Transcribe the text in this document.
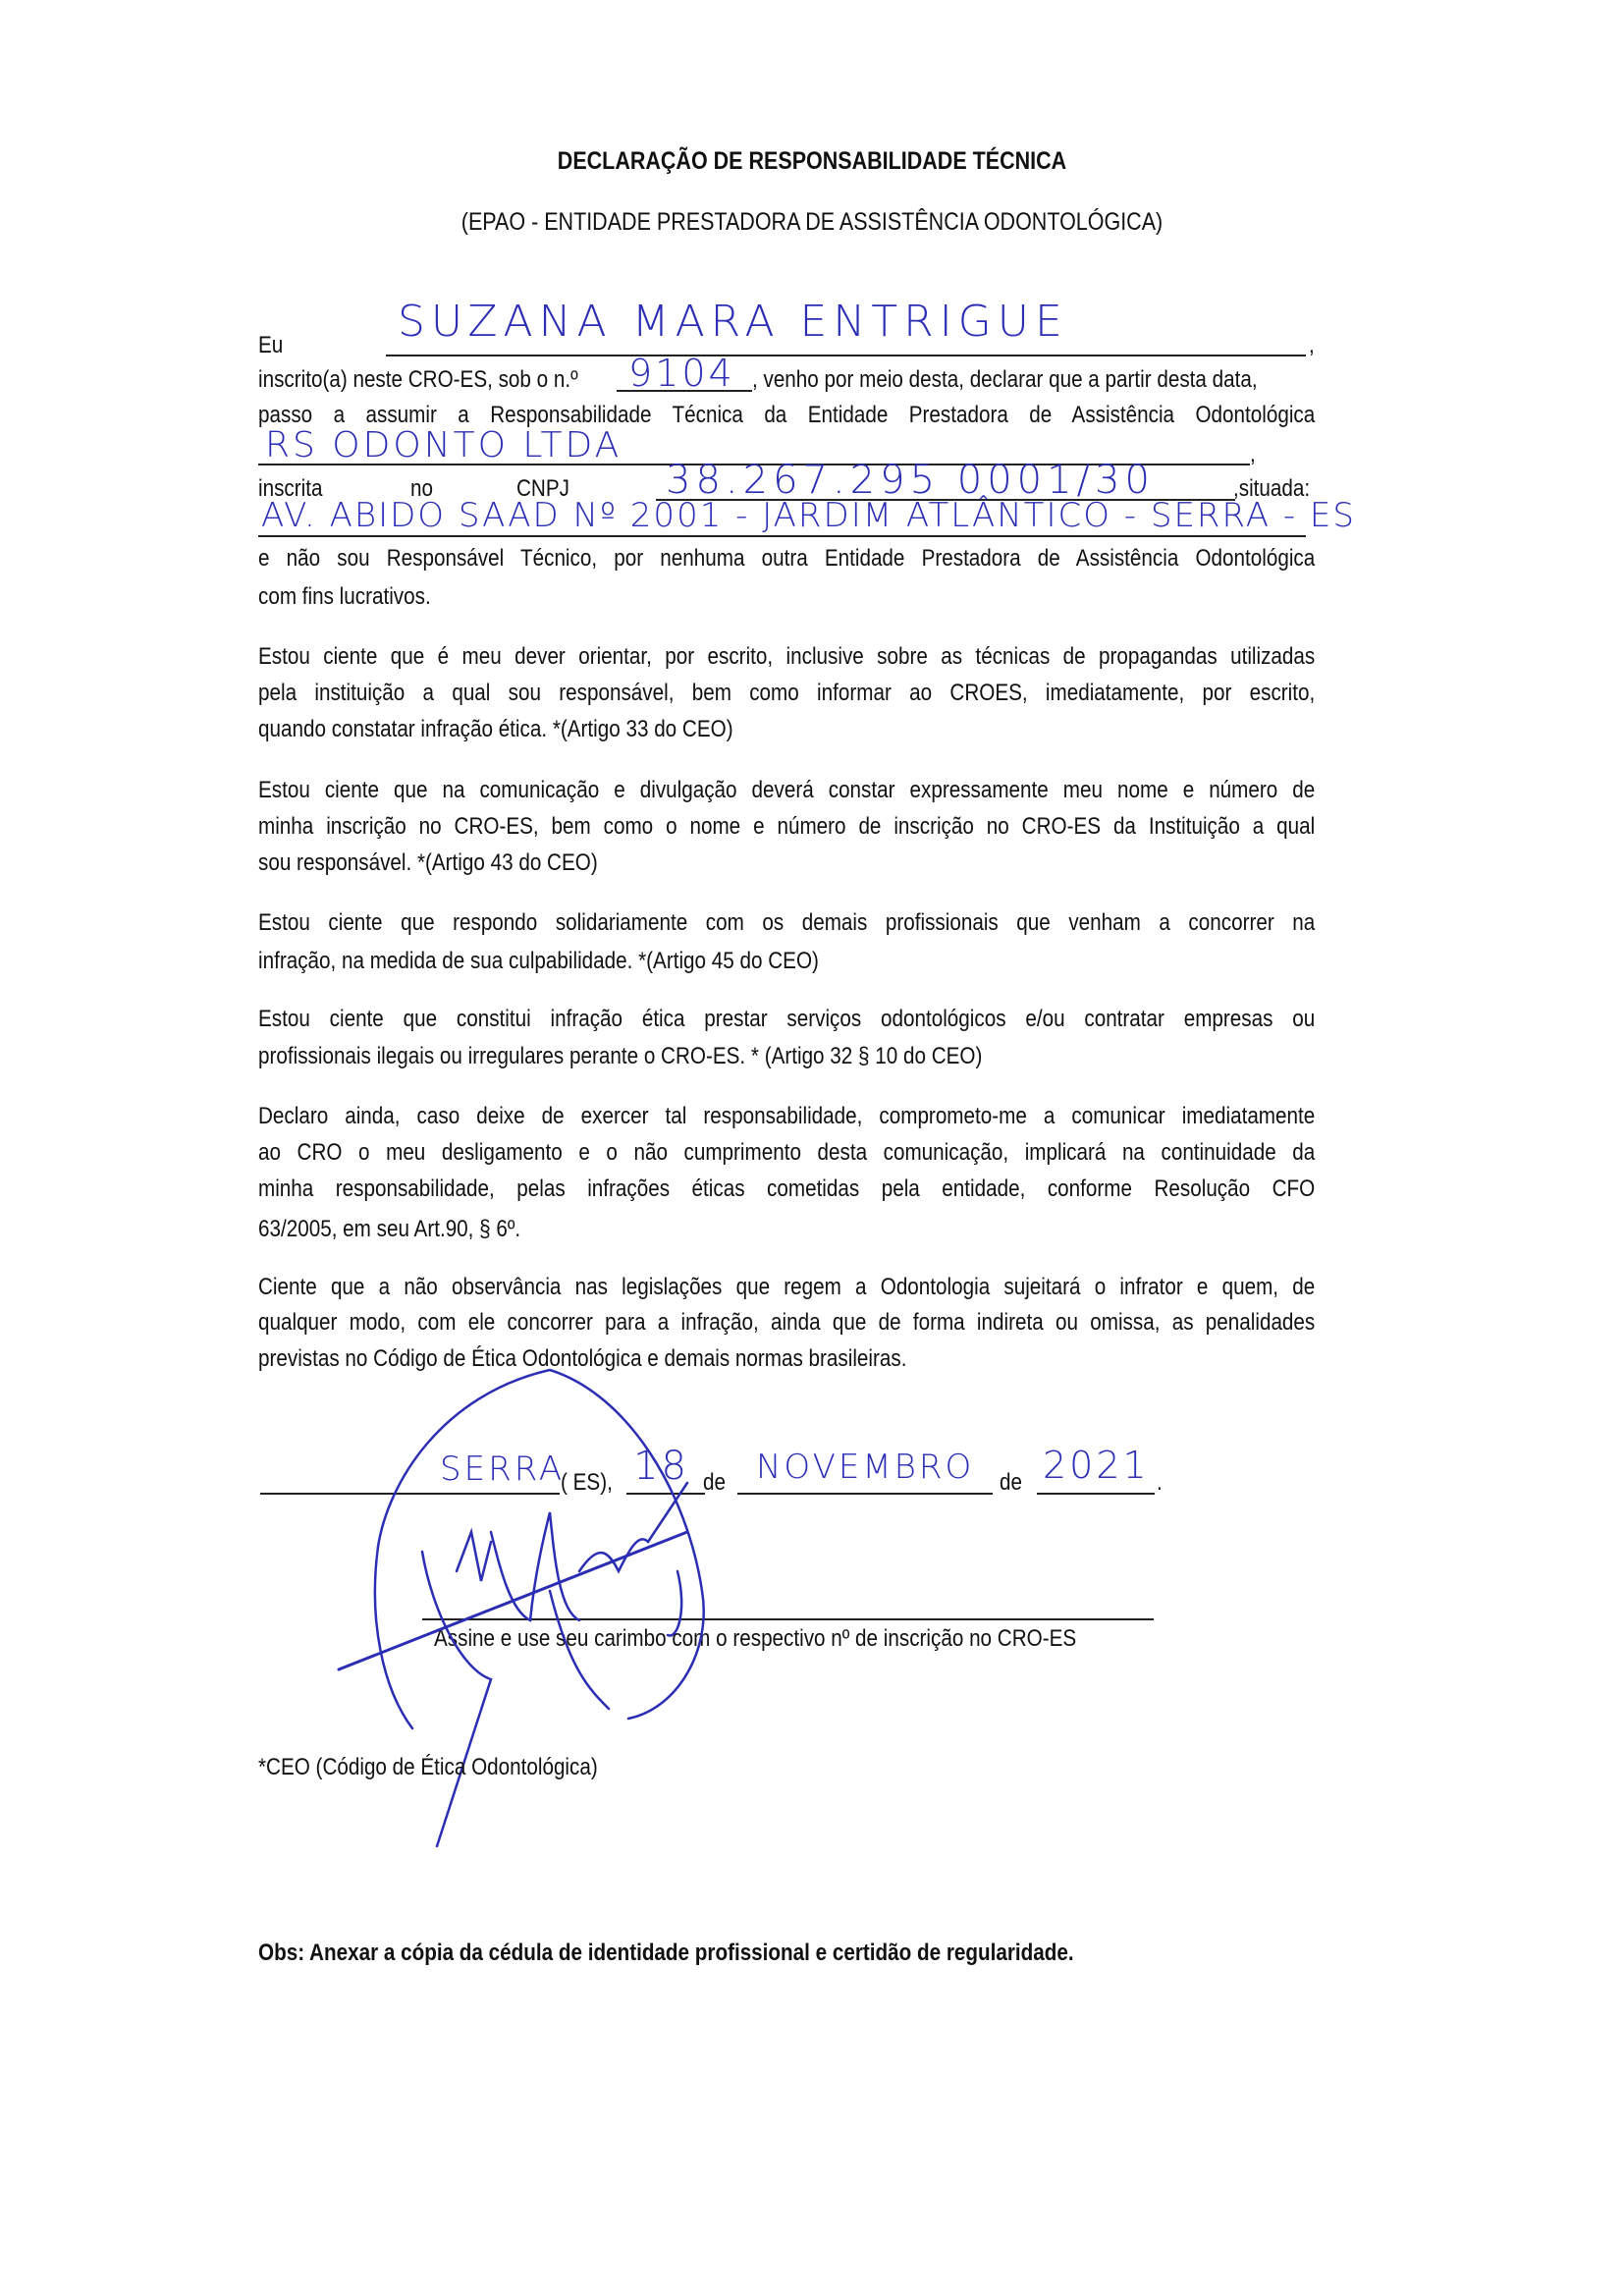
DECLARAÇÃO DE RESPONSABILIDADE TÉCNICA
(EPAO - ENTIDADE PRESTADORA DE ASSISTÊNCIA ODONTOLÓGICA)
Eu	,
SUZANA MARA ENTRIGUE
inscrito(a) neste CRO-ES, sob o n.º 9104 , venho por meio desta, declarar que a partir desta data,
passo a assumir a Responsabilidade Técnica da Entidade Prestadora de Assistência Odontológica
,
RS ODONTO LTDA
inscrita	no	CNPJ 38.267.295 0001/30	,situada:
AV. ABIDO SAAD Nº 2001 - JARDIM ATLÂNTICO - SERRA - ES
e não sou Responsável Técnico, por nenhuma outra Entidade Prestadora de Assistência Odontológica
com fins lucrativos.
Estou ciente que é meu dever orientar, por escrito, inclusive sobre as técnicas de propagandas utilizadas
pela instituição a qual sou responsável, bem como informar ao CROES, imediatamente, por escrito,
quando constatar infração ética. *(Artigo 33 do CEO)
Estou ciente que na comunicação e divulgação deverá constar expressamente meu nome e número de
minha inscrição no CRO-ES, bem como o nome e número de inscrição no CRO-ES da Instituição a qual
sou responsável. *(Artigo 43 do CEO)
Estou ciente que respondo solidariamente com os demais profissionais que venham a concorrer na
infração, na medida de sua culpabilidade. *(Artigo 45 do CEO)
Estou ciente que constitui infração ética prestar serviços odontológicos e/ou contratar empresas ou
profissionais ilegais ou irregulares perante o CRO-ES. * (Artigo 32 § 10 do CEO)
Declaro ainda, caso deixe de exercer tal responsabilidade, comprometo-me a comunicar imediatamente
ao CRO o meu desligamento e o não cumprimento desta comunicação, implicará na continuidade da
minha responsabilidade, pelas infrações éticas cometidas pela entidade, conforme Resolução CFO
63/2005, em seu Art.90, § 6º.
Ciente que a não observância nas legislações que regem a Odontologia sujeitará o infrator e quem, de
qualquer modo, com ele concorrer para a infração, ainda que de forma indireta ou omissa, as penalidades
previstas no Código de Ética Odontológica e demais normas brasileiras.
SERRA
( ES), 18 de NOVEMBRO de 2021 .
Assine e use seu carimbo com o respectivo nº de inscrição no CRO-ES
*CEO (Código de Ética Odontológica)
Obs: Anexar a cópia da cédula de identidade profissional e certidão de regularidade.
